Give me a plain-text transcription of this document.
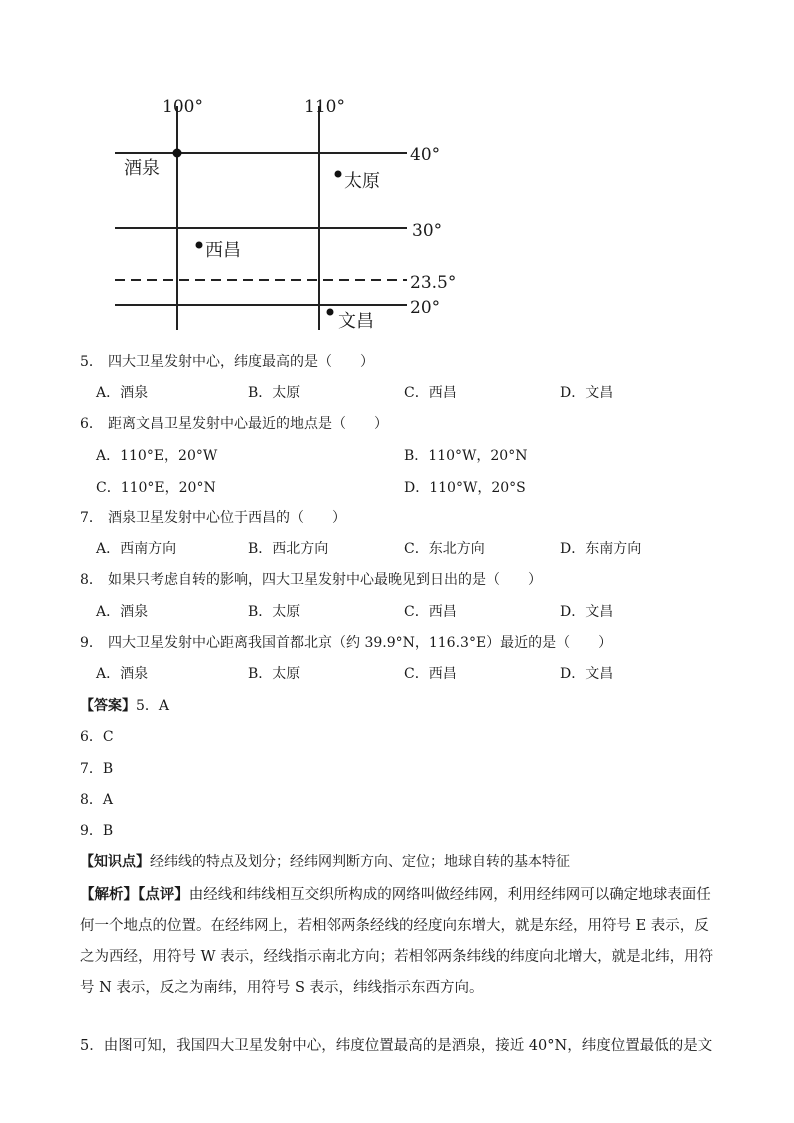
100°	110°
40°
30°
23.5°
20°
酒泉
太原
西昌
文昌
5． 四大卫星发射中心，纬度最高的是（　　）
A．酒泉	B．太原	C．西昌	D．文昌
6． 距离文昌卫星发射中心最近的地点是（　　）
A．110°E，20°W	B．110°W，20°N
C．110°E，20°N	D．110°W，20°S
7． 酒泉卫星发射中心位于西昌的（　　）
A．西南方向	B．西北方向	C．东北方向	D．东南方向
8． 如果只考虑自转的影响，四大卫星发射中心最晚见到日出的是（　　）
A．酒泉	B．太原	C．西昌	D．文昌
9． 四大卫星发射中心距离我国首都北京（约 39.9°N，116.3°E）最近的是（　　）
A．酒泉	B．太原	C．西昌	D．文昌
【答案】5．A
6．C
7．B
8．A
9．B
【知识点】经纬线的特点及划分；经纬网判断方向、定位；地球自转的基本特征
【解析】【点评】由经线和纬线相互交织所构成的网络叫做经纬网，利用经纬网可以确定地球表面任何一个地点的位置。在经纬网上，若相邻两条经线的经度向东增大，就是东经，用符号 E 表示，反之为西经，用符号 W 表示，经线指示南北方向；若相邻两条纬线的纬度向北增大，就是北纬，用符号 N 表示，反之为南纬，用符号 S 表示，纬线指示东西方向。
5．由图可知，我国四大卫星发射中心，纬度位置最高的是酒泉，接近 40°N，纬度位置最低的是文
